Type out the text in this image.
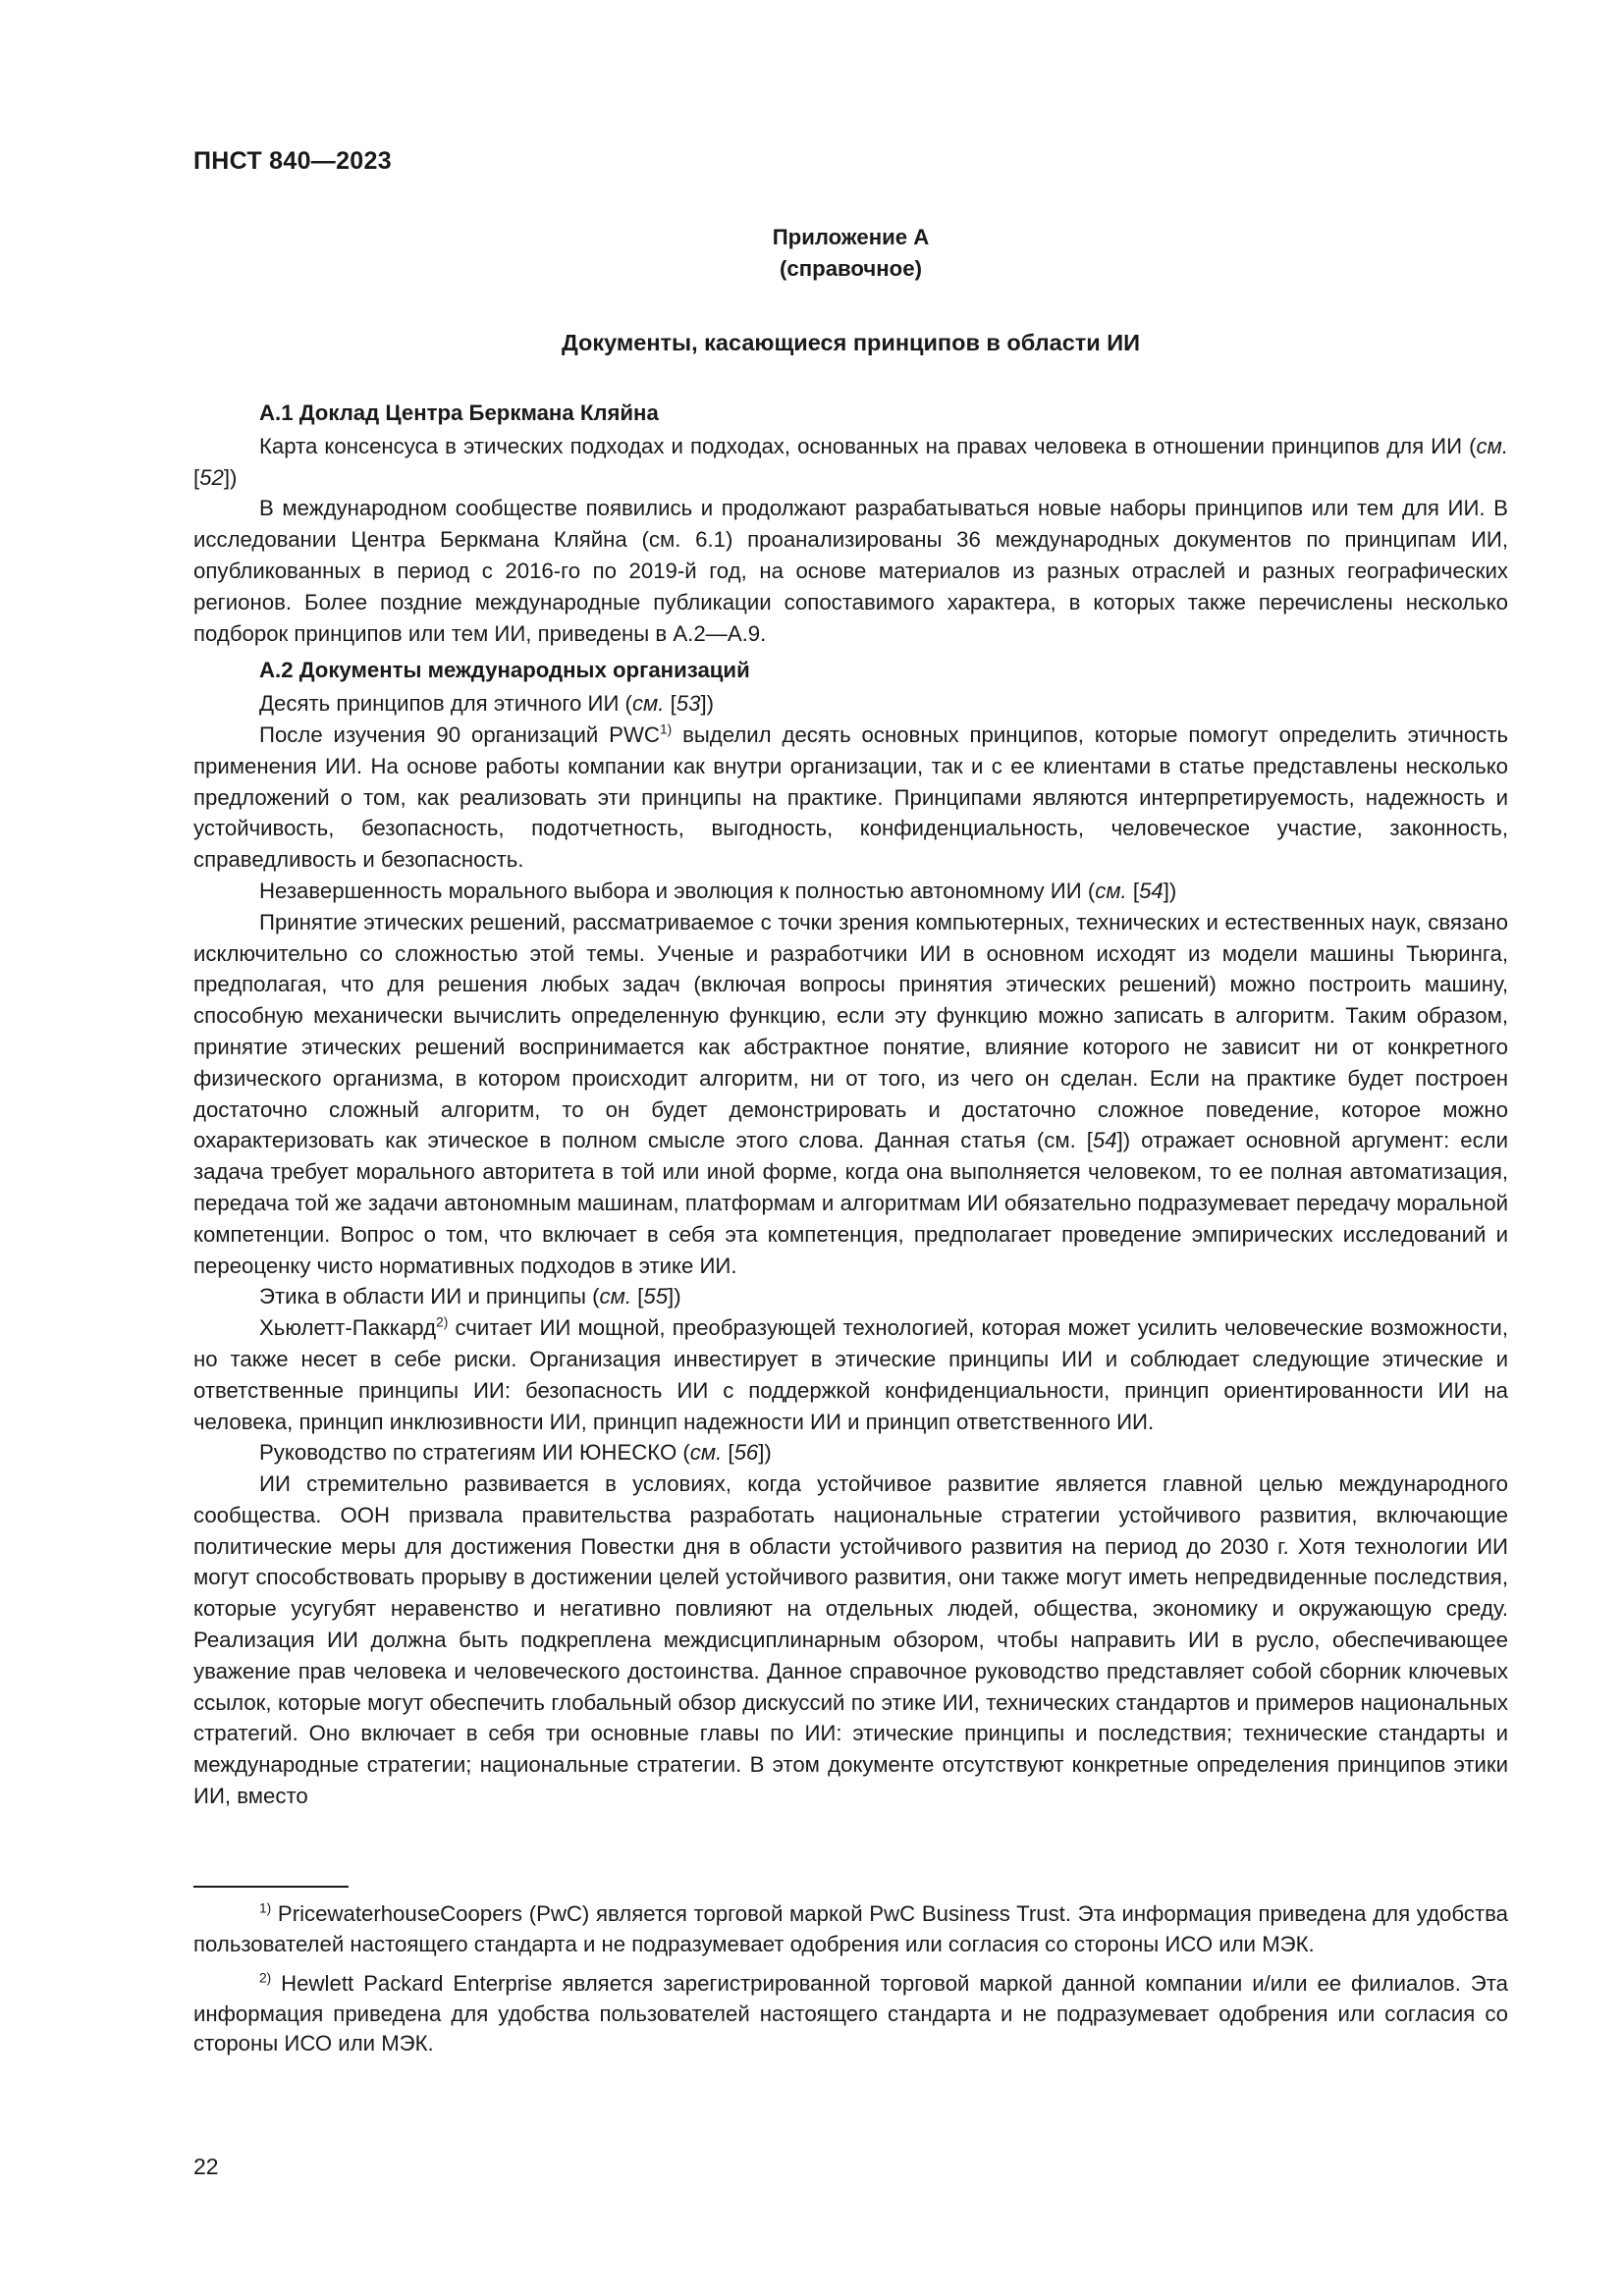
ПНСТ 840—2023
Приложение А
(справочное)
Документы, касающиеся принципов в области ИИ
А.1 Доклад Центра Беркмана Кляйна

Карта консенсуса в этических подходах и подходах, основанных на правах человека в отношении принципов для ИИ (см. [52])

В международном сообществе появились и продолжают разрабатываться новые наборы принципов или тем для ИИ. В исследовании Центра Беркмана Кляйна (см. 6.1) проанализированы 36 международных документов по принципам ИИ, опубликованных в период с 2016-го по 2019-й год, на основе материалов из разных отраслей и разных географических регионов. Более поздние международные публикации сопоставимого характера, в которых также перечислены несколько подборок принципов или тем ИИ, приведены в А.2—А.9.

А.2 Документы международных организаций

Десять принципов для этичного ИИ (см. [53])

После изучения 90 организаций PWC$^{1)}$ выделил десять основных принципов, которые помогут определить этичность применения ИИ. На основе работы компании как внутри организации, так и с ее клиентами в статье представлены несколько предложений о том, как реализовать эти принципы на практике. Принципами являются интерпретируемость, надежность и устойчивость, безопасность, подотчетность, выгодность, конфиденциальность, человеческое участие, законность, справедливость и безопасность.

Незавершенность морального выбора и эволюция к полностью автономному ИИ (см. [54])

Принятие этических решений, рассматриваемое с точки зрения компьютерных, технических и естественных наук, связано исключительно со сложностью этой темы. Ученые и разработчики ИИ в основном исходят из модели машины Тьюринга, предполагая, что для решения любых задач (включая вопросы принятия этических решений) можно построить машину, способную механически вычислить определенную функцию, если эту функцию можно записать в алгоритм. Таким образом, принятие этических решений воспринимается как абстрактное понятие, влияние которого не зависит ни от конкретного физического организма, в котором происходит алгоритм, ни от того, из чего он сделан. Если на практике будет построен достаточно сложный алгоритм, то он будет демонстрировать и достаточно сложное поведение, которое можно охарактеризовать как этическое в полном смысле этого слова. Данная статья (см. [54]) отражает основной аргумент: если задача требует морального авторитета в той или иной форме, когда она выполняется человеком, то ее полная автоматизация, передача той же задачи автономным машинам, платформам и алгоритмам ИИ обязательно подразумевает передачу моральной компетенции. Вопрос о том, что включает в себя эта компетенция, предполагает проведение эмпирических исследований и переоценку чисто нормативных подходов в этике ИИ.

Этика в области ИИ и принципы (см. [55])

Хьюлетт-Паккард$^{2)}$ считает ИИ мощной, преобразующей технологией, которая может усилить человеческие возможности, но также несет в себе риски. Организация инвестирует в этические принципы ИИ и соблюдает следующие этические и ответственные принципы ИИ: безопасность ИИ с поддержкой конфиденциальности, принцип ориентированности ИИ на человека, принцип инклюзивности ИИ, принцип надежности ИИ и принцип ответственного ИИ.

Руководство по стратегиям ИИ ЮНЕСКО (см. [56])

ИИ стремительно развивается в условиях, когда устойчивое развитие является главной целью международного сообщества. ООН призвала правительства разработать национальные стратегии устойчивого развития, включающие политические меры для достижения Повестки дня в области устойчивого развития на период до 2030 г. Хотя технологии ИИ могут способствовать прорыву в достижении целей устойчивого развития, они также могут иметь непредвиденные последствия, которые усугубят неравенство и негативно повлияют на отдельных людей, общества, экономику и окружающую среду. Реализация ИИ должна быть подкреплена междисциплинарным обзором, чтобы направить ИИ в русло, обеспечивающее уважение прав человека и человеческого достоинства. Данное справочное руководство представляет собой сборник ключевых ссылок, которые могут обеспечить глобальный обзор дискуссий по этике ИИ, технических стандартов и примеров национальных стратегий. Оно включает в себя три основные главы по ИИ: этические принципы и последствия; технические стандарты и международные стратегии; национальные стратегии. В этом документе отсутствуют конкретные определения принципов этики ИИ, вместо

$^{1)}$ PricewaterhouseCoopers (PwC) является торговой маркой PwC Business Trust. Эта информация приведена для удобства пользователей настоящего стандарта и не подразумевает одобрения или согласия со стороны ИСО или МЭК.

$^{2)}$ Hewlett Packard Enterprise является зарегистрированной торговой маркой данной компании и/или ее филиалов. Эта информация приведена для удобства пользователей настоящего стандарта и не подразумевает одобрения или согласия со стороны ИСО или МЭК.

22
